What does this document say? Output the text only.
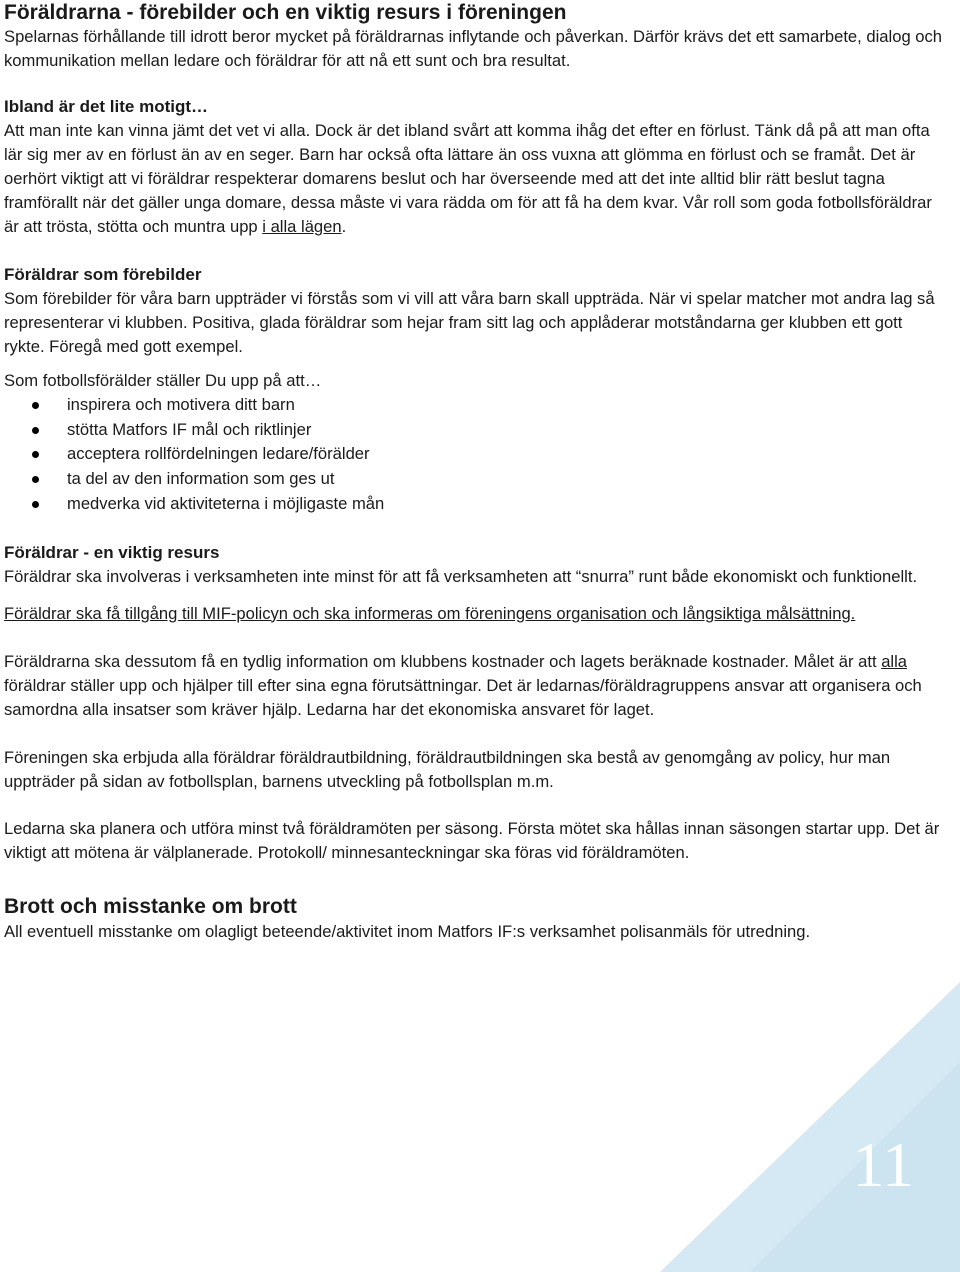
11
Föräldrarna - förebilder och en viktig resurs i föreningen

Spelarnas förhållande till idrott beror mycket på föräldrarnas inflytande och påverkan. Därför krävs det ett samarbete, dialog och kommunikation mellan ledare och föräldrar för att nå ett sunt och bra resultat.

Ibland är det lite motigt…

Att man inte kan vinna jämt det vet vi alla. Dock är det ibland svårt att komma ihåg det efter en förlust. Tänk då på att man ofta lär sig mer av en förlust än av en seger. Barn har också ofta lättare än oss vuxna att glömma en förlust och se framåt. Det är oerhört viktigt att vi föräldrar respekterar domarens beslut och har överseende med att det inte alltid blir rätt beslut tagna framförallt när det gäller unga domare, dessa måste vi vara rädda om för att få ha dem kvar. Vår roll som goda fotbollsföräldrar är att trösta, stötta och muntra upp i alla lägen.

Föräldrar som förebilder

Som förebilder för våra barn uppträder vi förstås som vi vill att våra barn skall uppträda. När vi spelar matcher mot andra lag så representerar vi klubben. Positiva, glada föräldrar som hejar fram sitt lag och applåderar motståndarna ger klubben ett gott rykte. Föregå med gott exempel.

Som fotbollsförälder ställer Du upp på att…

inspirera och motivera ditt barn
stötta Matfors IF mål och riktlinjer
acceptera rollfördelningen ledare/förälder
ta del av den information som ges ut
medverka vid aktiviteterna i möjligaste mån

Föräldrar - en viktig resurs

Föräldrar ska involveras i verksamheten inte minst för att få verksamheten att “snurra” runt både ekonomiskt och funktionellt.

Föräldrar ska få tillgång till MIF-policyn och ska informeras om föreningens organisation och långsiktiga målsättning.

Föräldrarna ska dessutom få en tydlig information om klubbens kostnader och lagets beräknade kostnader. Målet är att alla föräldrar ställer upp och hjälper till efter sina egna förutsättningar. Det är ledarnas/föräldragruppens ansvar att organisera och samordna alla insatser som kräver hjälp. Ledarna har det ekonomiska ansvaret för laget.

Föreningen ska erbjuda alla föräldrar föräldrautbildning, föräldrautbildningen ska bestå av genomgång av policy, hur man uppträder på sidan av fotbollsplan, barnens utveckling på fotbollsplan m.m.

Ledarna ska planera och utföra minst två föräldramöten per säsong. Första mötet ska hållas innan säsongen startar upp. Det är viktigt att mötena är välplanerade. Protokoll/ minnesanteckningar ska föras vid föräldramöten.

Brott och misstanke om brott

All eventuell misstanke om olagligt beteende/aktivitet inom Matfors IF:s verksamhet polisanmäls för utredning.
